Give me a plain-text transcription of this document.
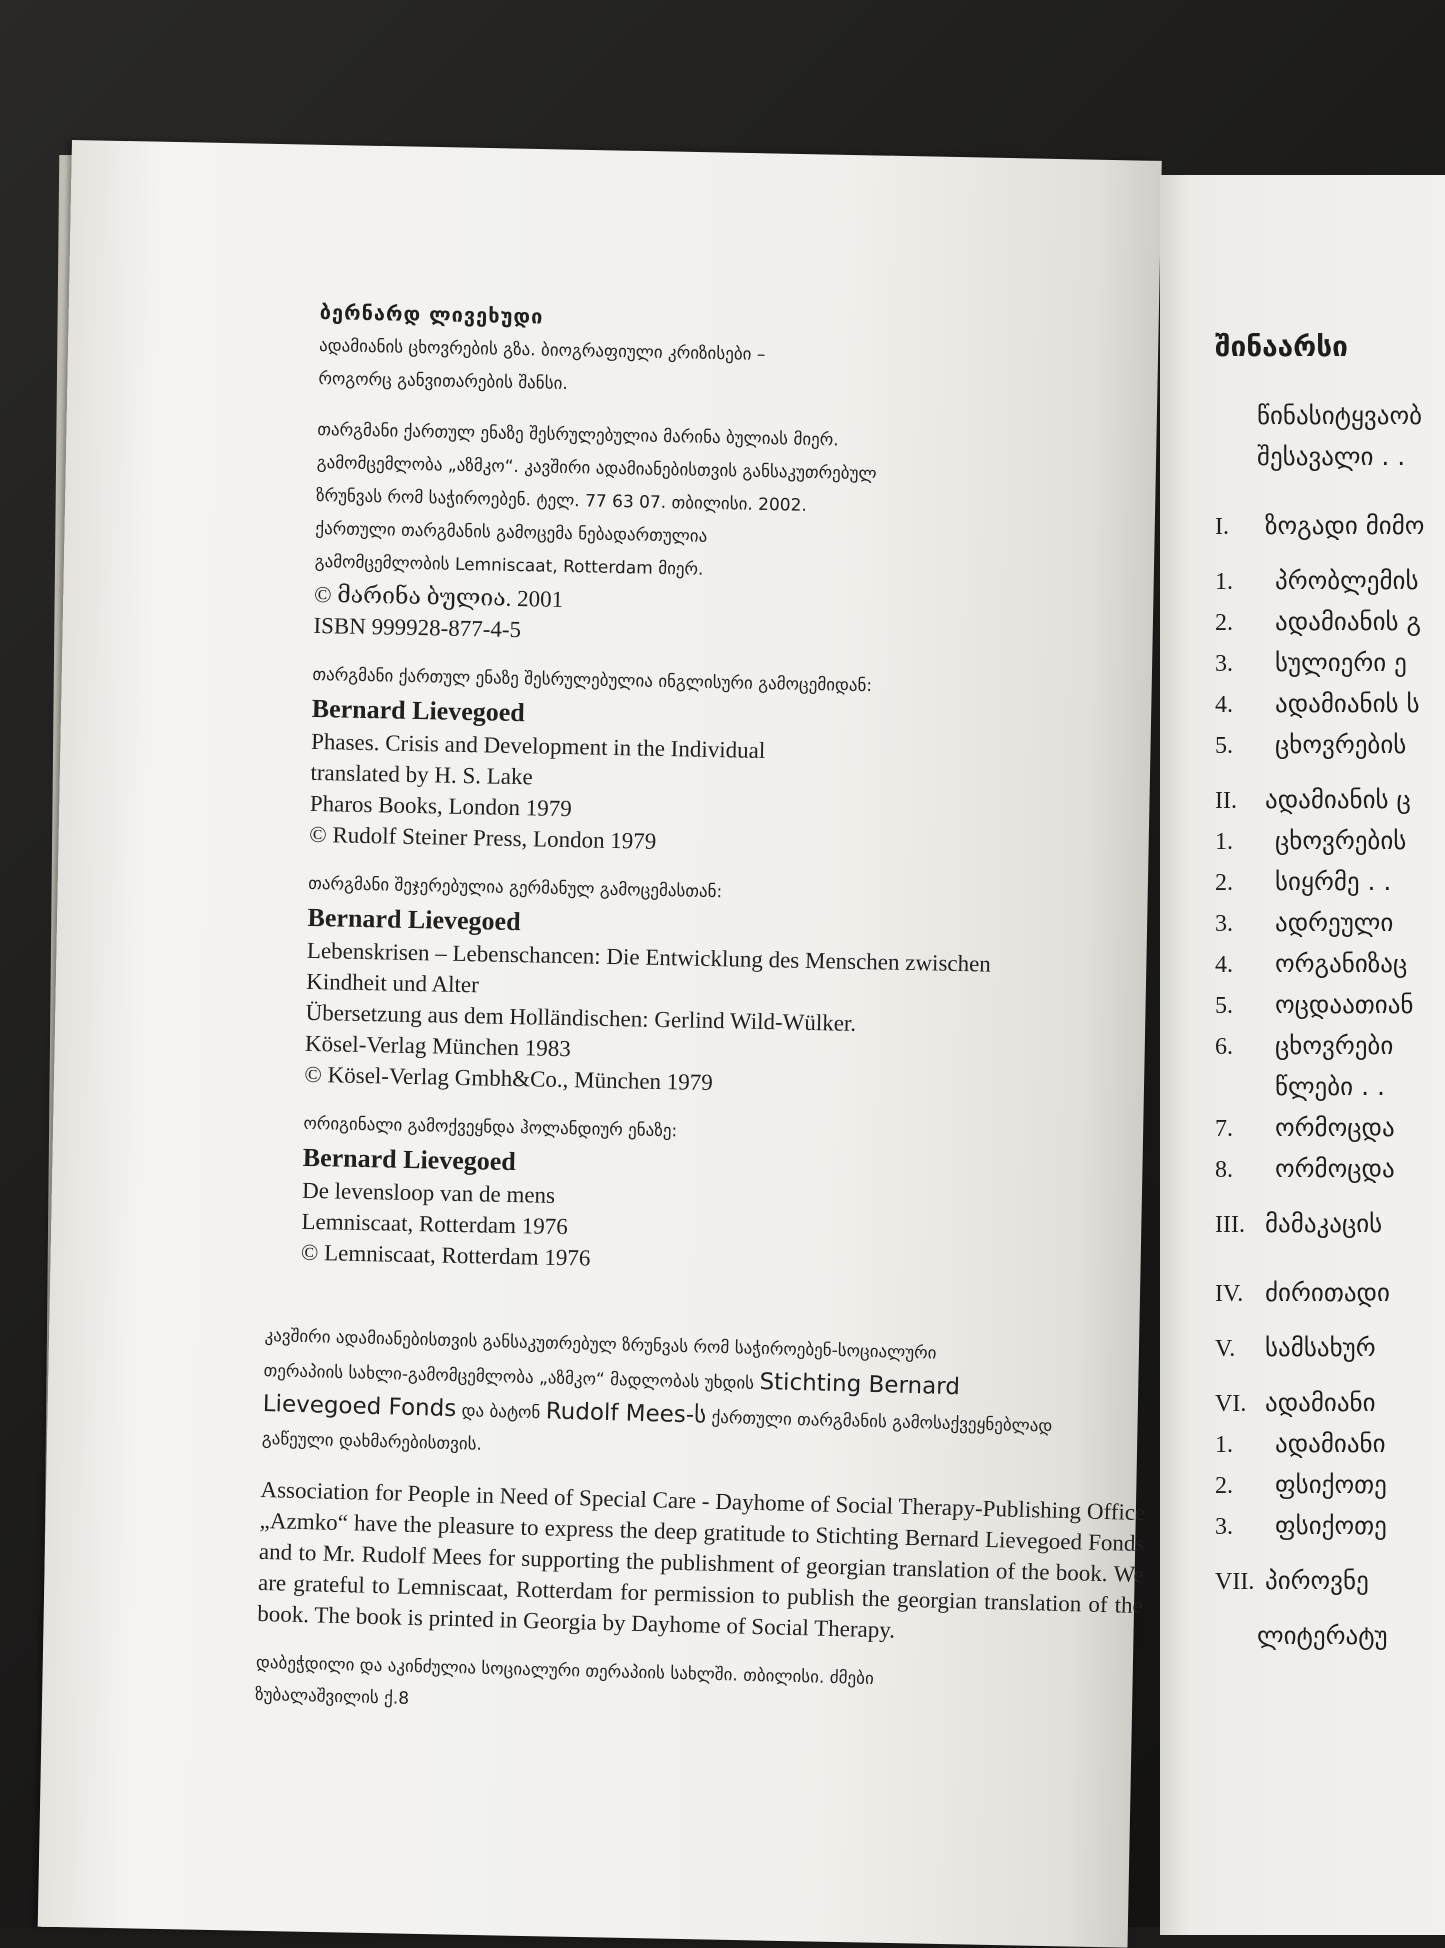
ბერნარდ ლივეხუდი
ადამიანის ცხოვრების გზა. ბიოგრაფიული კრიზისები –
როგორც განვითარების შანსი.
თარგმანი ქართულ ენაზე შესრულებულია მარინა ბულიას მიერ.
გამომცემლობა „აზმკო“. კავშირი ადამიანებისთვის განსაკუთრებულ
ზრუნვას რომ საჭიროებენ. ტელ. 77 63 07. თბილისი. 2002.
ქართული თარგმანის გამოცემა ნებადართულია
გამომცემლობის Lemniscaat, Rotterdam მიერ.
© მარინა ბულია. 2001
ISBN 999928-877-4-5
თარგმანი ქართულ ენაზე შესრულებულია ინგლისური გამოცემიდან:
Bernard Lievegoed
Phases. Crisis and Development in the Individual
translated by H. S. Lake
Pharos Books, London 1979
© Rudolf Steiner Press, London 1979
თარგმანი შეჯერებულია გერმანულ გამოცემასთან:
Bernard Lievegoed
Lebenskrisen – Lebenschancen: Die Entwicklung des Menschen zwischen
Kindheit und Alter
Übersetzung aus dem Holländischen: Gerlind Wild-Wülker.
Kösel-Verlag München 1983
© Kösel-Verlag Gmbh&Co., München 1979
ორიგინალი გამოქვეყნდა ჰოლანდიურ ენაზე:
Bernard Lievegoed
De levensloop van de mens
Lemniscaat, Rotterdam 1976
© Lemniscaat, Rotterdam 1976
კავშირი ადამიანებისთვის განსაკუთრებულ ზრუნვას რომ საჭიროებენ-სოციალური
თერაპიის სახლი-გამომცემლობა „აზმკო“ მადლობას უხდის Stichting Bernard
Lievegoed Fonds და ბატონ Rudolf Mees-ს ქართული თარგმანის გამოსაქვეყნებლად
გაწეული დახმარებისთვის.
Association for People in Need of Special Care - Dayhome of Social Therapy-Publishing Office „Azmko“ have the pleasure to express the deep gratitude to Stichting Bernard Lievegoed Fonds and to Mr. Rudolf Mees for supporting the publishment of georgian translation of the book. We are grateful to Lemniscaat, Rotterdam for permission to publish the georgian translation of the book. The book is printed in Georgia by Dayhome of Social Therapy.
დაბეჭდილი და აკინძულია სოციალური თერაპიის სახლში. თბილისი. ძმები
ზუბალაშვილის ქ.8
შინაარსი
წინასიტყვაობ
შესავალი . .
I. ზოგადი მიმო
1. პრობლემის
2. ადამიანის გ
3. სულიერი ე
4. ადამიანის ს
5. ცხოვრების
II. ადამიანის ც
1. ცხოვრების
2. სიყრმე . .
3. ადრეული
4. ორგანიზაც
5. ოცდაათიან
6. ცხოვრები
წლები . .
7. ორმოცდა
8. ორმოცდა
III. მამაკაცის
IV. ძირითადი
V. სამსახურ
VI. ადამიანი
1. ადამიანი
2. ფსიქოთე
3. ფსიქოთე
VII. პიროვნე
ლიტერატუ
